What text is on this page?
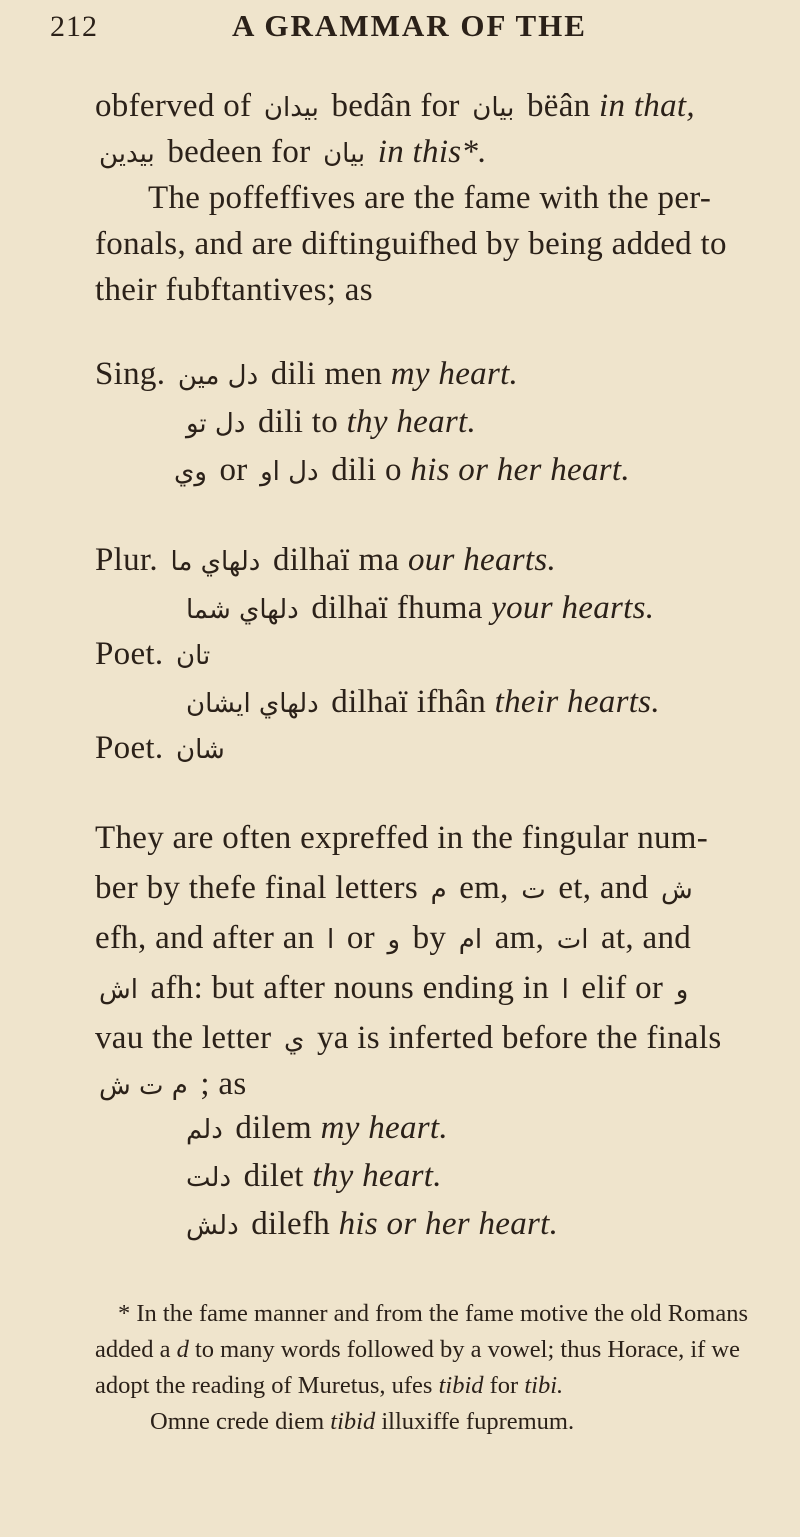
212	A GRAMMAR OF THE
obferved of بيدان bedân for بيان bëân in that,
بيدين bedeen for بيان in this*.
The poffeffives are the fame with the per-
fonals, and are diftinguifhed by being added to
their fubftantives; as
Sing. دل مين dili men my heart.
دل تو dili to thy heart.
وي or دل او dili o his or her heart.
Plur. دلهاي ما dilhaï ma our hearts.
دلهاي شما dilhaï fhuma your hearts.
Poet. تان
دلهاي ايشان dilhaï ifhân their hearts.
Poet. شان
They are often expreffed in the fingular num-
ber by thefe final letters م em, ت et, and ش
efh, and after an ا or و by ام am, ات at, and
اش afh: but after nouns ending in ا elif or و
vau the letter ي ya is inferted before the finals
م ت ش ; as
دلم dilem my heart.
دلت dilet thy heart.
دلش dilefh his or her heart.
* In the fame manner and from the fame motive the old Romans
added a d to many words followed by a vowel; thus Horace, if we
adopt the reading of Muretus, ufes tibid for tibi.
Omne crede diem tibid illuxiffe fupremum.
